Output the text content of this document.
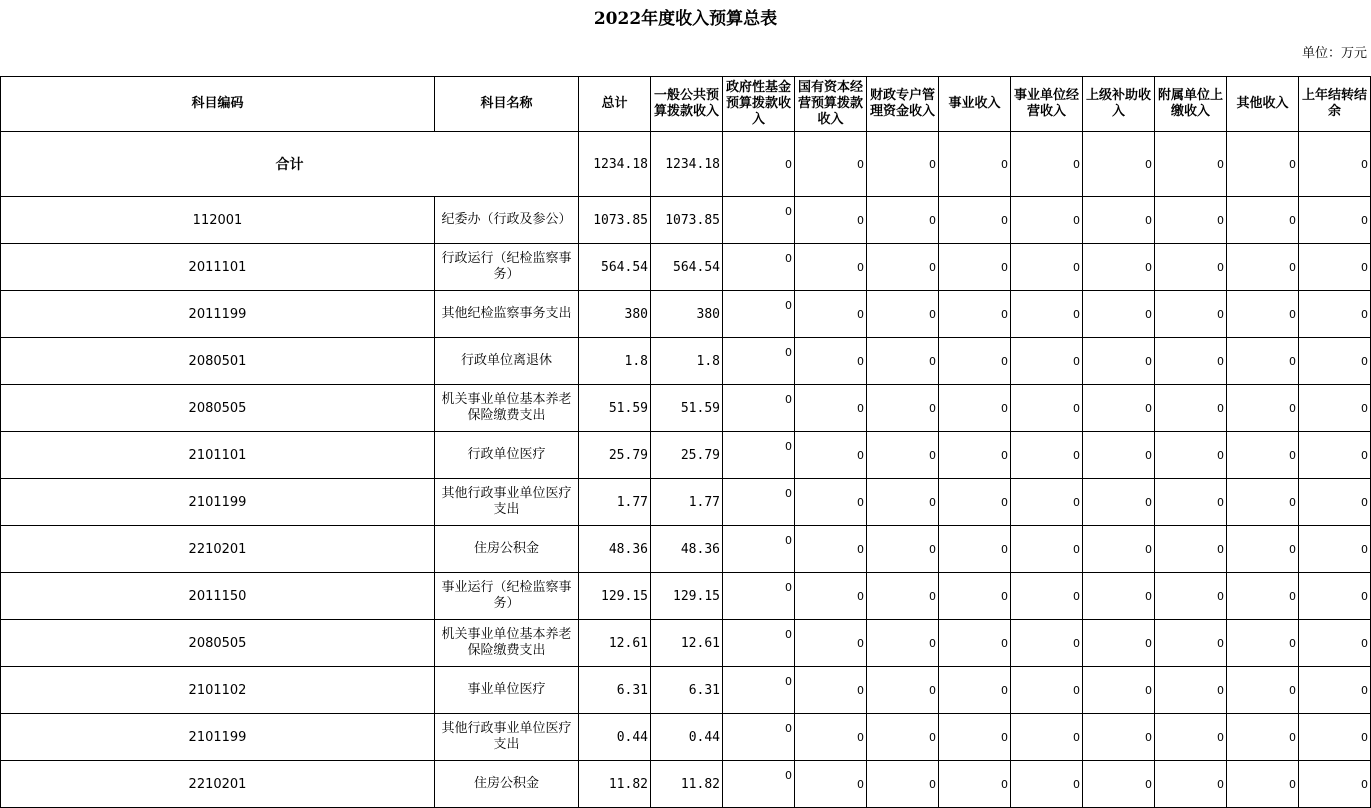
2022年度收入预算总表
单位：万元
科目编码	科目名称	总计	一般公共预算拨款收入	政府性基金预算拨款收入	国有资本经营预算拨款收入	财政专户管理资金收入	事业收入	事业单位经营收入	上级补助收入	附属单位上缴收入	其他收入	上年结转结余	
合计		1234.18	1234.18	0	0	0	0	0	0	0	0	0	
112001	纪委办（行政及参公）	1073.85	1073.85	0	0	0	0	0	0	0	0	0	
2011101	行政运行（纪检监察事务）	564.54	564.54	0	0	0	0	0	0	0	0	0	
2011199	其他纪检监察事务支出	380	380	0	0	0	0	0	0	0	0	0	
2080501	行政单位离退休	1.8	1.8	0	0	0	0	0	0	0	0	0	
2080505	机关事业单位基本养老保险缴费支出	51.59	51.59	0	0	0	0	0	0	0	0	0	
2101101	行政单位医疗	25.79	25.79	0	0	0	0	0	0	0	0	0	
2101199	其他行政事业单位医疗支出	1.77	1.77	0	0	0	0	0	0	0	0	0	
2210201	住房公积金	48.36	48.36	0	0	0	0	0	0	0	0	0	
2011150	事业运行（纪检监察事务）	129.15	129.15	0	0	0	0	0	0	0	0	0	
2080505	机关事业单位基本养老保险缴费支出	12.61	12.61	0	0	0	0	0	0	0	0	0	
2101102	事业单位医疗	6.31	6.31	0	0	0	0	0	0	0	0	0	
2101199	其他行政事业单位医疗支出	0.44	0.44	0	0	0	0	0	0	0	0	0	
2210201	住房公积金	11.82	11.82	0	0	0	0	0	0	0	0	0	
